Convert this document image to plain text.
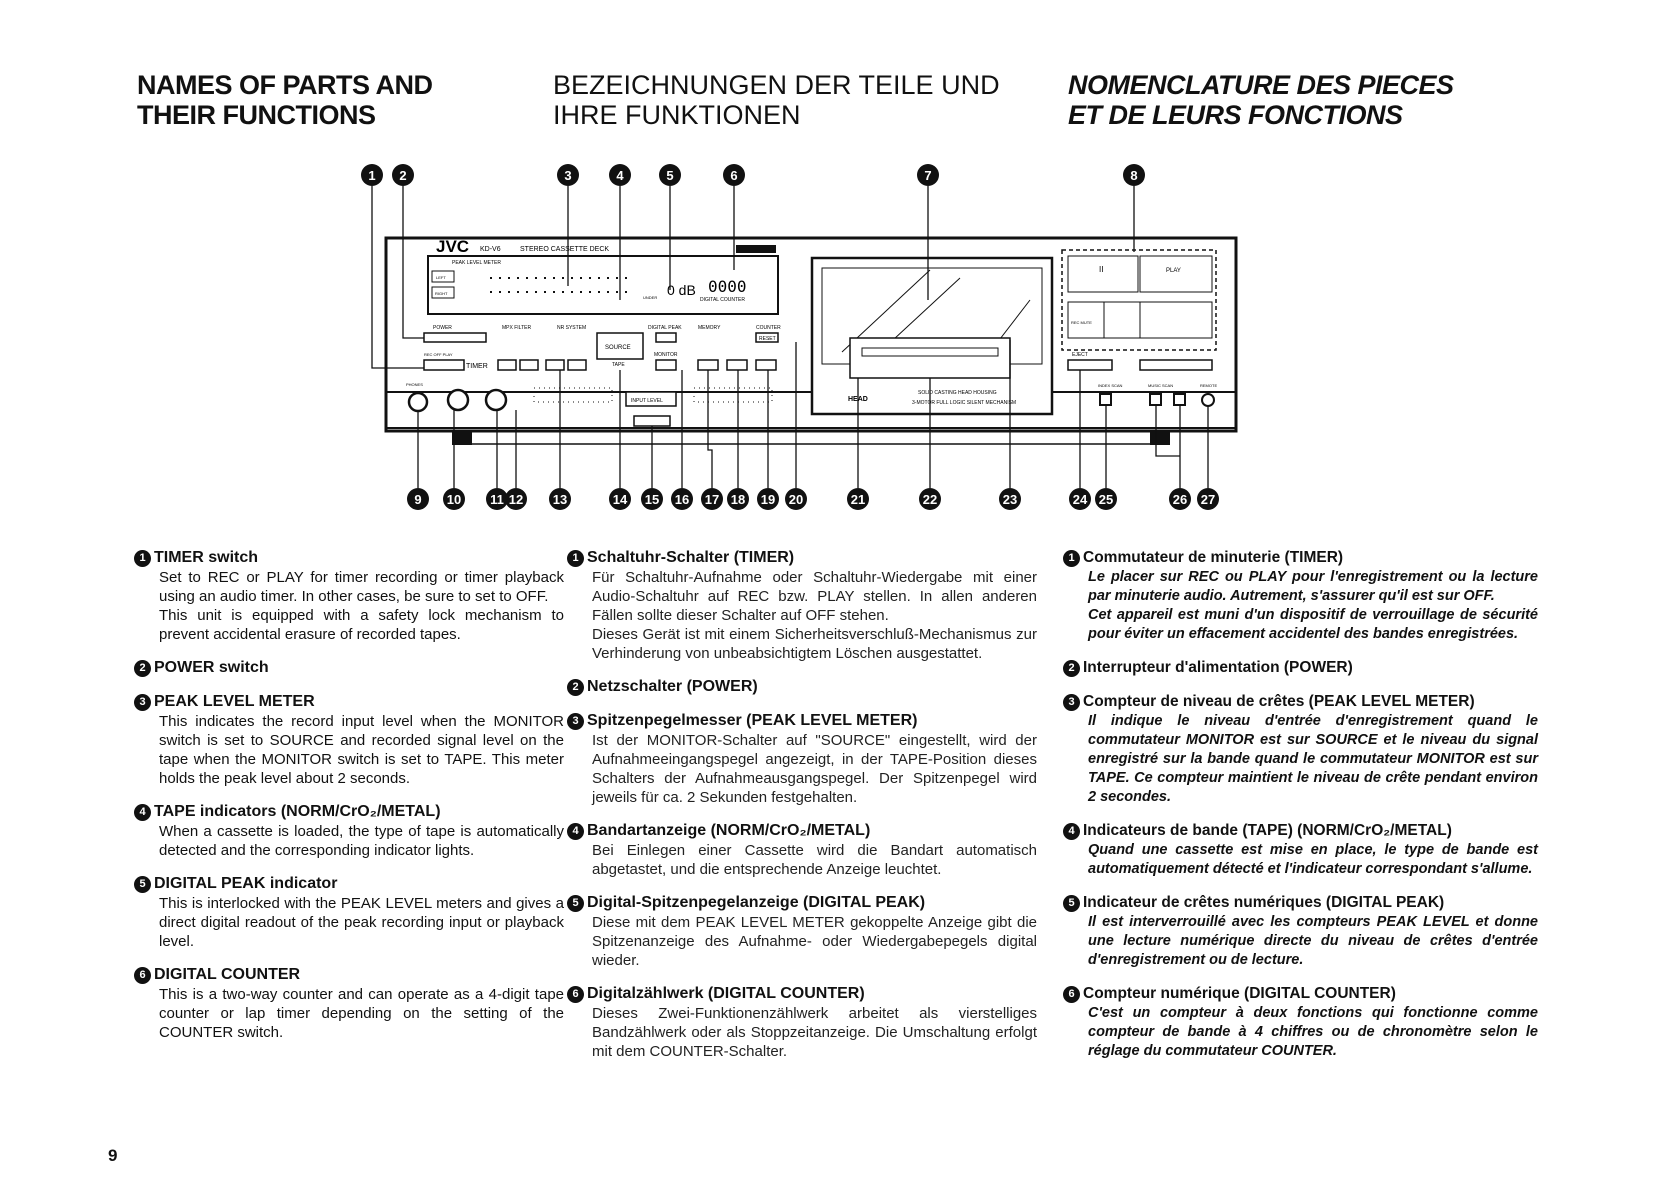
NAMES OF PARTS AND
THEIR FUNCTIONS
BEZEICHNUNGEN DER TEILE UND
IHRE FUNKTIONEN
NOMENCLATURE DES PIECES
ET DE LEURS FONCTIONS
JVC KD-V6	STEREO CASSETTE DECK
PEAK LEVEL METER
DIGITAL COUNTER
0000
0 dB
UNDER
LEFT
RIGHT
POWER
REC OFF PLAY
TIMER
MPX FILTER	NR SYSTEM
SOURCE
TAPE
DIGITAL PEAK
MONITOR
MEMORY	COUNTER
RESET
PHONES
INPUT LEVEL	HEAD
SOLID CASTING HEAD HOUSING
3-MOTOR FULL LOGIC SILENT MECHANISM
II	PLAY
REC MUTE
EJECT
INDEX SCAN	MUSIC SCAN	REMOTE
1 2	3	4	5	6	7	8
9 10 11 12 13	14 15 16 17 18 19 20	21	22	23	24 25	26 27
1 TIMER switch
Set to REC or PLAY for timer recording or timer playback using an audio timer. In other cases, be sure to set to OFF.
This unit is equipped with a safety lock mechanism to prevent accidental erasure of recorded tapes.
2 POWER switch
3 PEAK LEVEL METER
This indicates the record input level when the MONITOR switch is set to SOURCE and recorded signal level on the tape when the MONITOR switch is set to TAPE. This meter holds the peak level about 2 seconds.
4 TAPE indicators (NORM/CrO₂/METAL)
When a cassette is loaded, the type of tape is automatically detected and the corresponding indicator lights.
5 DIGITAL PEAK indicator
This is interlocked with the PEAK LEVEL meters and gives a direct digital readout of the peak recording input or playback level.
6 DIGITAL COUNTER
This is a two-way counter and can operate as a 4-digit tape counter or lap timer depending on the setting of the COUNTER switch.
1 Schaltuhr-Schalter (TIMER)
Für Schaltuhr-Aufnahme oder Schaltuhr-Wiedergabe mit einer Audio-Schaltuhr auf REC bzw. PLAY stellen. In allen anderen Fällen sollte dieser Schalter auf OFF stehen.
Dieses Gerät ist mit einem Sicherheitsverschluß-Mechanismus zur Verhinderung von unbeabsichtigtem Löschen ausgestattet.
2 Netzschalter (POWER)
3 Spitzenpegelmesser (PEAK LEVEL METER)
Ist der MONITOR-Schalter auf "SOURCE" eingestellt, wird der Aufnahmeeingangspegel angezeigt, in der TAPE-Position dieses Schalters der Aufnahmeausgangspegel. Der Spitzenpegel wird jeweils für ca. 2 Sekunden festgehalten.
4 Bandartanzeige (NORM/CrO₂/METAL)
Bei Einlegen einer Cassette wird die Bandart automatisch abgetastet, und die entsprechende Anzeige leuchtet.
5 Digital-Spitzenpegelanzeige (DIGITAL PEAK)
Diese mit dem PEAK LEVEL METER gekoppelte Anzeige gibt die Spitzenanzeige des Aufnahme- oder Wiedergabepegels digital wieder.
6 Digitalzählwerk (DIGITAL COUNTER)
Dieses Zwei-Funktionenzählwerk arbeitet als vierstelliges Bandzählwerk oder als Stoppzeitanzeige. Die Umschaltung erfolgt mit dem COUNTER-Schalter.
1 Commutateur de minuterie (TIMER)
Le placer sur REC ou PLAY pour l'enregistrement ou la lecture par minuterie audio. Autrement, s'assurer qu'il est sur OFF.
Cet appareil est muni d'un dispositif de verrouillage de sécurité pour éviter un effacement accidentel des bandes enregistrées.
2 Interrupteur d'alimentation (POWER)
3 Compteur de niveau de crêtes (PEAK LEVEL METER)
Il indique le niveau d'entrée d'enregistrement quand le commutateur MONITOR est sur SOURCE et le niveau du signal enregistré sur la bande quand le commutateur MONITOR est sur TAPE. Ce compteur maintient le niveau de crête pendant environ 2 secondes.
4 Indicateurs de bande (TAPE) (NORM/CrO₂/METAL)
Quand une cassette est mise en place, le type de bande est automatiquement détecté et l'indicateur correspondant s'allume.
5 Indicateur de crêtes numériques (DIGITAL PEAK)
Il est interverrouillé avec les compteurs PEAK LEVEL et donne une lecture numérique directe du niveau de crêtes d'entrée d'enregistrement ou de lecture.
6 Compteur numérique (DIGITAL COUNTER)
C'est un compteur à deux fonctions qui fonctionne comme compteur de bande à 4 chiffres ou de chronomètre selon le réglage du commutateur COUNTER.
9
